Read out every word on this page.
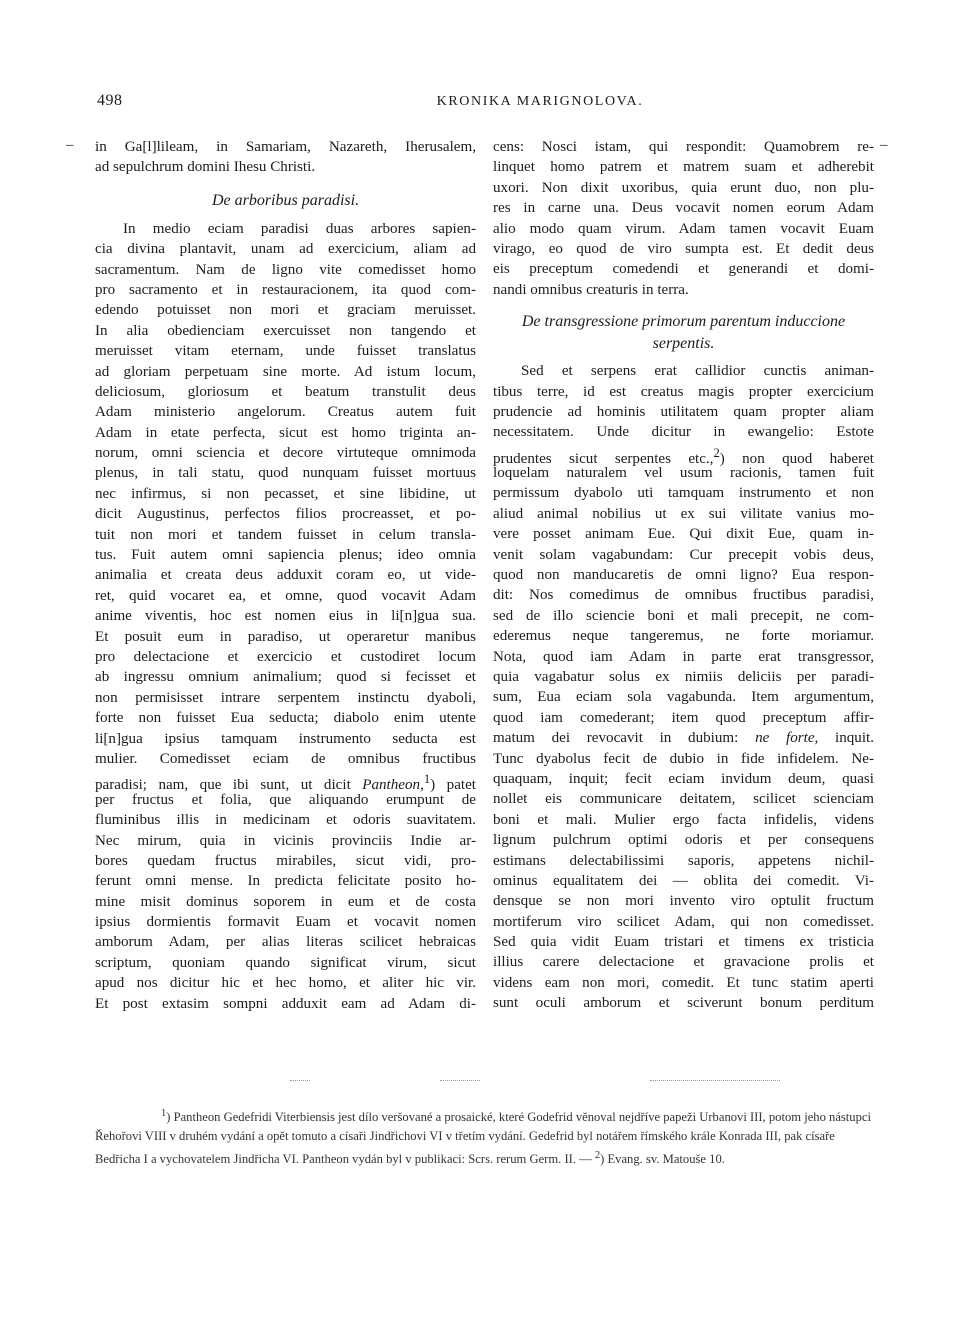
498	KRONIKA MARIGNOLOVA.
–	–
in Ga[l]lileam, in Samariam, Nazareth, Iherusalem,
ad sepulchrum domini Ihesu Christi.
De arboribus paradisi.
In medio eciam paradisi duas arbores sapien-
cia divina plantavit, unam ad exercicium, aliam ad
sacramentum. Nam de ligno vite comedisset homo
pro sacramento et in restauracionem, ita quod com-
edendo potuisset non mori et graciam meruisset.
In alia obedienciam exercuisset non tangendo et
meruisset vitam eternam, unde fuisset translatus
ad gloriam perpetuam sine morte. Ad istum locum,
deliciosum, gloriosum et beatum transtulit deus
Adam ministerio angelorum. Creatus autem fuit
Adam in etate perfecta, sicut est homo triginta an-
norum, omni sciencia et decore virtuteque omnimoda
plenus, in tali statu, quod nunquam fuisset mortuus
nec infirmus, si non pecasset, et sine libidine, ut
dicit Augustinus, perfectos filios procreasset, et po-
tuit non mori et tandem fuisset in celum transla-
tus. Fuit autem omni sapiencia plenus; ideo omnia
animalia et creata deus adduxit coram eo, ut vide-
ret, quid vocaret ea, et omne, quod vocavit Adam
anime viventis, hoc est nomen eius in li[n]gua sua.
Et posuit eum in paradiso, ut operaretur manibus
pro delectacione et exercicio et custodiret locum
ab ingressu omnium animalium; quod si fecisset et
non permisisset intrare serpentem instinctu dyaboli,
forte non fuisset Eua seducta; diabolo enim utente
li[n]gua ipsius tamquam instrumento seducta est
mulier. Comedisset eciam de omnibus fructibus
paradisi; nam, que ibi sunt, ut dicit Pantheon,$^1$) patet
per fructus et folia, que aliquando erumpunt de
fluminibus illis in medicinam et odoris suavitatem.
Nec mirum, quia in vicinis provinciis Indie ar-
bores quedam fructus mirabiles, sicut vidi, pro-
ferunt omni mense. In predicta felicitate posito ho-
mine misit dominus soporem in eum et de costa
ipsius dormientis formavit Euam et vocavit nomen
amborum Adam, per alias literas scilicet hebraicas
scriptum, quoniam quando significat virum, sicut
apud nos dicitur hic et hec homo, et aliter hic vir.
Et post extasim sompni adduxit eam ad Adam di-
cens: Nosci istam, qui respondit: Quamobrem re-
linquet homo patrem et matrem suam et adherebit
uxori. Non dixit uxoribus, quia erunt duo, non plu-
res in carne una. Deus vocavit nomen eorum Adam
alio modo quam virum. Adam tamen vocavit Euam
virago, eo quod de viro sumpta est. Et dedit deus
eis preceptum comedendi et generandi et domi-
nandi omnibus creaturis in terra.
De transgressione primorum parentum induccione
serpentis.
Sed et serpens erat callidior cunctis animan-
tibus terre, id est creatus magis propter exercicium
prudencie ad hominis utilitatem quam propter aliam
necessitatem. Unde dicitur in ewangelio: Estote
prudentes sicut serpentes etc.,$^2$) non quod haberet
loquelam naturalem vel usum racionis, tamen fuit
permissum dyabolo uti tamquam instrumento et non
aliud animal nobilius ut ex sui vilitate vanius mo-
vere posset animam Eue. Qui dixit Eue, quam in-
venit solam vagabundam: Cur precepit vobis deus,
quod non manducaretis de omni ligno? Eua respon-
dit: Nos comedimus de omnibus fructibus paradisi,
sed de illo sciencie boni et mali precepit, ne com-
ederemus neque tangeremus, ne forte moriamur.
Nota, quod iam Adam in parte erat transgressor,
quia vagabatur solus ex nimiis deliciis per paradi-
sum, Eua eciam sola vagabunda. Item argumentum,
quod iam comederant; item quod preceptum affir-
matum dei revocavit in dubium: ne forte, inquit.
Tunc dyabolus fecit de dubio in fide infidelem. Ne-
quaquam, inquit; fecit eciam invidum deum, quasi
nollet eis communicare deitatem, scilicet scienciam
boni et mali. Mulier ergo facta infidelis, videns
lignum pulchrum optimi odoris et per consequens
estimans delectabilissimi saporis, appetens nichil-
ominus equalitatem dei — oblita dei comedit. Vi-
densque se non mori invento viro optulit fructum
mortiferum viro scilicet Adam, qui non comedisset.
Sed quia vidit Euam tristari et timens ex tristicia
illius carere delectacione et gravacione prolis et
videns eam non mori, comedit. Et tunc statim aperti
sunt oculi amborum et sciverunt bonum perditum
$^1$) Pantheon Gedefridi Viterbiensis jest dílo veršované a prosaické, které Godefrid věnoval nejdříve papeži Urbanovi III, potom jeho nástupci Řehořovi VIII v druhém vydání a opět tomuto a císaři Jindřichovi VI v třetím vydání. Gedefrid byl notářem římského krále Konrada III, pak císaře Bedřicha I a vychovatelem Jindřicha VI. Pantheon vydán byl v publikaci: Scrs. rerum Germ. II. — $^2$) Evang. sv. Matouše 10.
